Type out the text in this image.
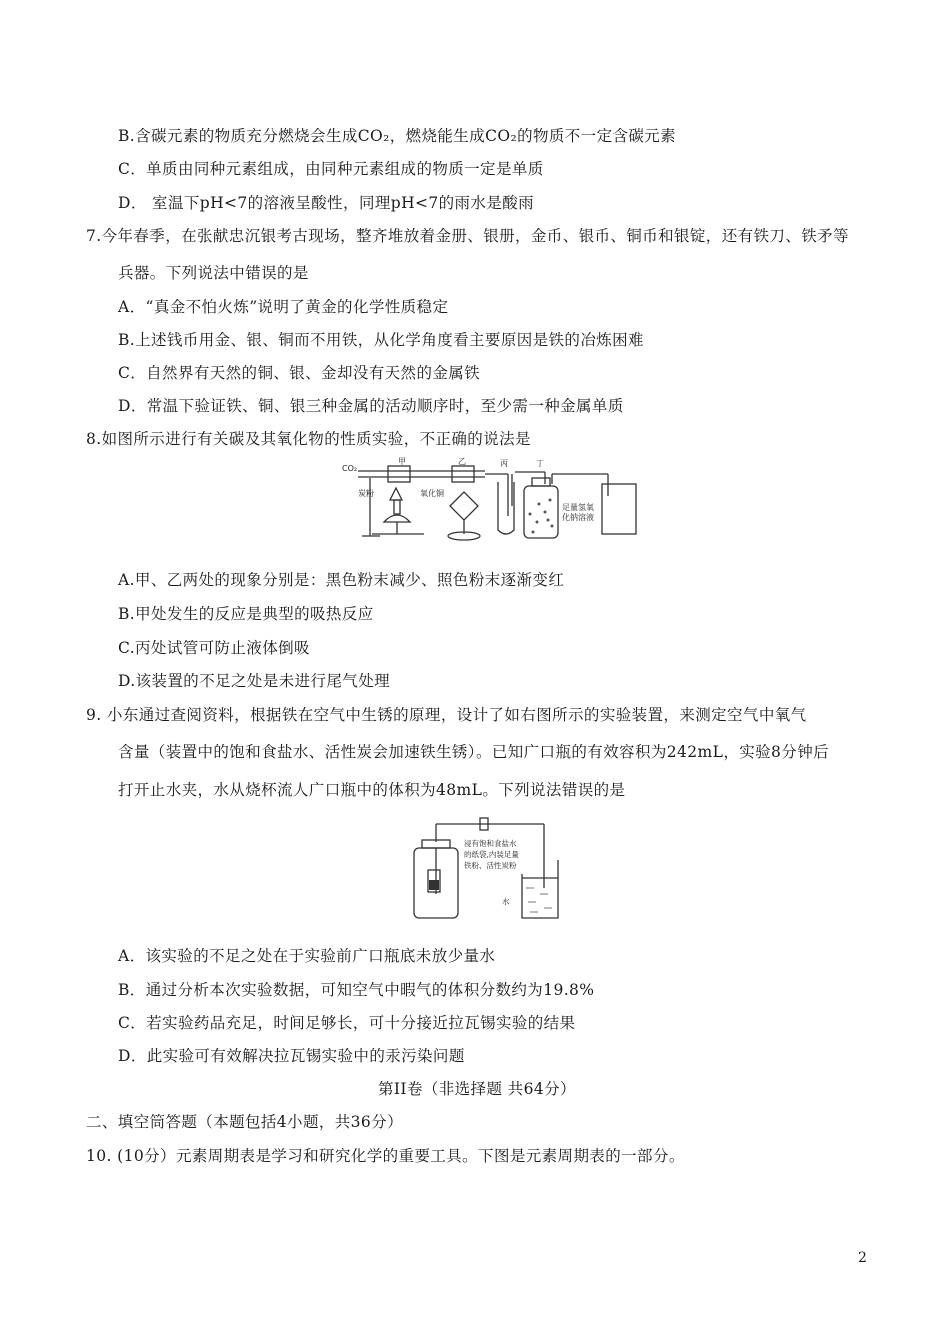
B.含碳元素的物质充分燃烧会生成CO₂，燃烧能生成CO₂的物质不一定含碳元素
C．单质由同种元素组成，由同种元素组成的物质一定是单质
D． 室温下pH<7的溶液呈酸性，同理pH<7的雨水是酸雨
7.今年春季，在张献忠沉银考古现场，整齐堆放着金册、银册，金币、银币、铜币和银锭，还有铁刀、铁矛等
兵器。下列说法中错误的是
A．“真金不怕火炼”说明了黄金的化学性质稳定
B.上述钱币用金、银、铜而不用铁，从化学角度看主要原因是铁的冶炼困难
C．自然界有天然的铜、银、金却没有天然的金属铁
D．常温下验证铁、铜、银三种金属的活动顺序时，至少需一种金属单质
8.如图所示进行有关碳及其氧化物的性质实验，不正确的说法是
CO₂
甲	乙	丙	丁
炭粉	氧化铜
足量氢氧
化钠溶液
A.甲、乙两处的现象分别是：黑色粉末减少、照色粉末逐渐变红
B.甲处发生的反应是典型的吸热反应
C.丙处试管可防止液体倒吸
D.该装置的不足之处是未进行尾气处理
9. 小东通过查阅资料，根据铁在空气中生锈的原理，设计了如右图所示的实验装置，来测定空气中氧气
含量（装置中的饱和食盐水、活性炭会加速铁生锈）。已知广口瓶的有效容积为242mL，实验8分钟后
打开止水夹，水从烧杯流人广口瓶中的体积为48mL。下列说法错误的是
浸有饱和食盐水
的纸袋,内装足量
铁粉、活性炭粉
水
A．该实验的不足之处在于实验前广口瓶底未放少量水
B．通过分析本次实验数据，可知空气中暇气的体积分数约为19.8%
C．若实验药品充足，时间足够长，可十分接近拉瓦锡实验的结果
D．此实验可有效解决拉瓦锡实验中的汞污染问题
第II卷（非选择题 共64分）
二、填空筒答题（本题包括4小题，共36分）
10. (10分）元素周期表是学习和研究化学的重要工具。下图是元素周期表的一部分。
2
